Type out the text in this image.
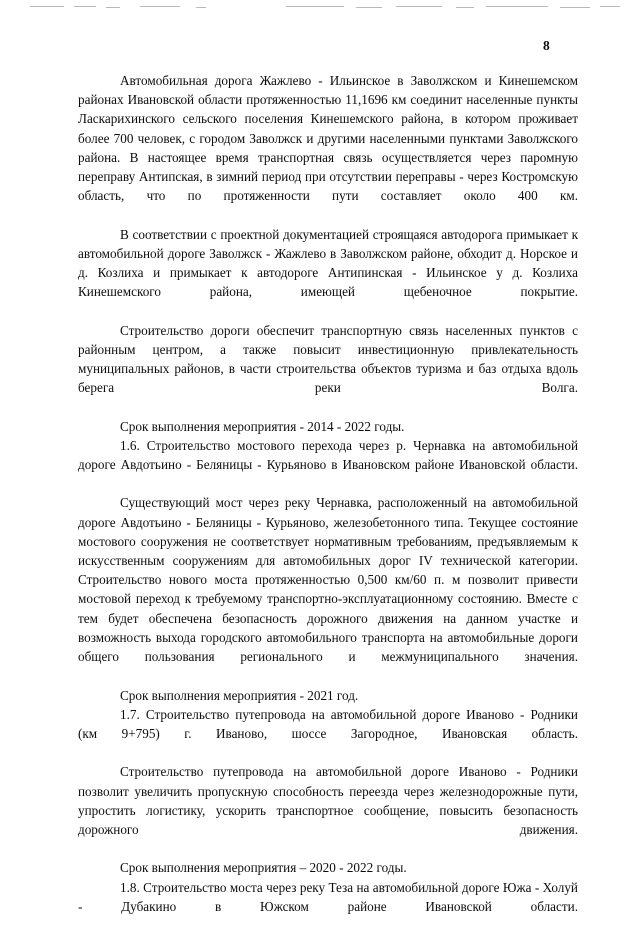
8

Автомобильная дорога Жажлево - Ильинское в Заволжском и Кинешемском районах Ивановской области протяженностью 11,1696 км соединит населенные пункты Ласкарихинского сельского поселения Кинешемского района, в котором проживает более 700 человек, с городом Заволжск и другими населенными пунктами Заволжского района. В настоящее время транспортная связь осуществляется через паромную переправу Антипская, в зимний период при отсутствии переправы - через Костромскую область, что по протяженности пути составляет около 400 км.

В соответствии с проектной документацией строящаяся автодорога примыкает к автомобильной дороге Заволжск - Жажлево в Заволжском районе, обходит д. Норское и д. Козлиха и примыкает к автодороге Антипинская - Ильинское у д. Козлиха Кинешемского района, имеющей щебеночное покрытие.

Строительство дороги обеспечит транспортную связь населенных пунктов с районным центром, а также повысит инвестиционную привлекательность муниципальных районов, в части строительства объектов туризма и баз отдыха вдоль берега реки Волга.

Срок выполнения мероприятия - 2014 - 2022 годы.

1.6. Строительство мостового перехода через р. Чернавка на автомобильной дороге Авдотьино - Беляницы - Курьяново в Ивановском районе Ивановской области.

Существующий мост через реку Чернавка, расположенный на автомобильной дороге Авдотьино - Беляницы - Курьяново, железобетонного типа. Текущее состояние мостового сооружения не соответствует нормативным требованиям, предъявляемым к искусственным сооружениям для автомобильных дорог IV технической категории. Строительство нового моста протяженностью 0,500 км/60 п. м позволит привести мостовой переход к требуемому транспортно-эксплуатационному состоянию. Вместе с тем будет обеспечена безопасность дорожного движения на данном участке и возможность выхода городского автомобильного транспорта на автомобильные дороги общего пользования регионального и межмуниципального значения.

Срок выполнения мероприятия - 2021 год.

1.7. Строительство путепровода на автомобильной дороге Иваново - Родники (км 9+795) г. Иваново, шоссе Загородное, Ивановская область.

Строительство путепровода на автомобильной дороге Иваново - Родники позволит увеличить пропускную способность переезда через железнодорожные пути, упростить логистику, ускорить транспортное сообщение, повысить безопасность дорожного движения.

Срок выполнения мероприятия – 2020 - 2022 годы.

1.8. Строительство моста через реку Теза на автомобильной дороге Южа - Холуй - Дубакино в Южском районе Ивановской области.
